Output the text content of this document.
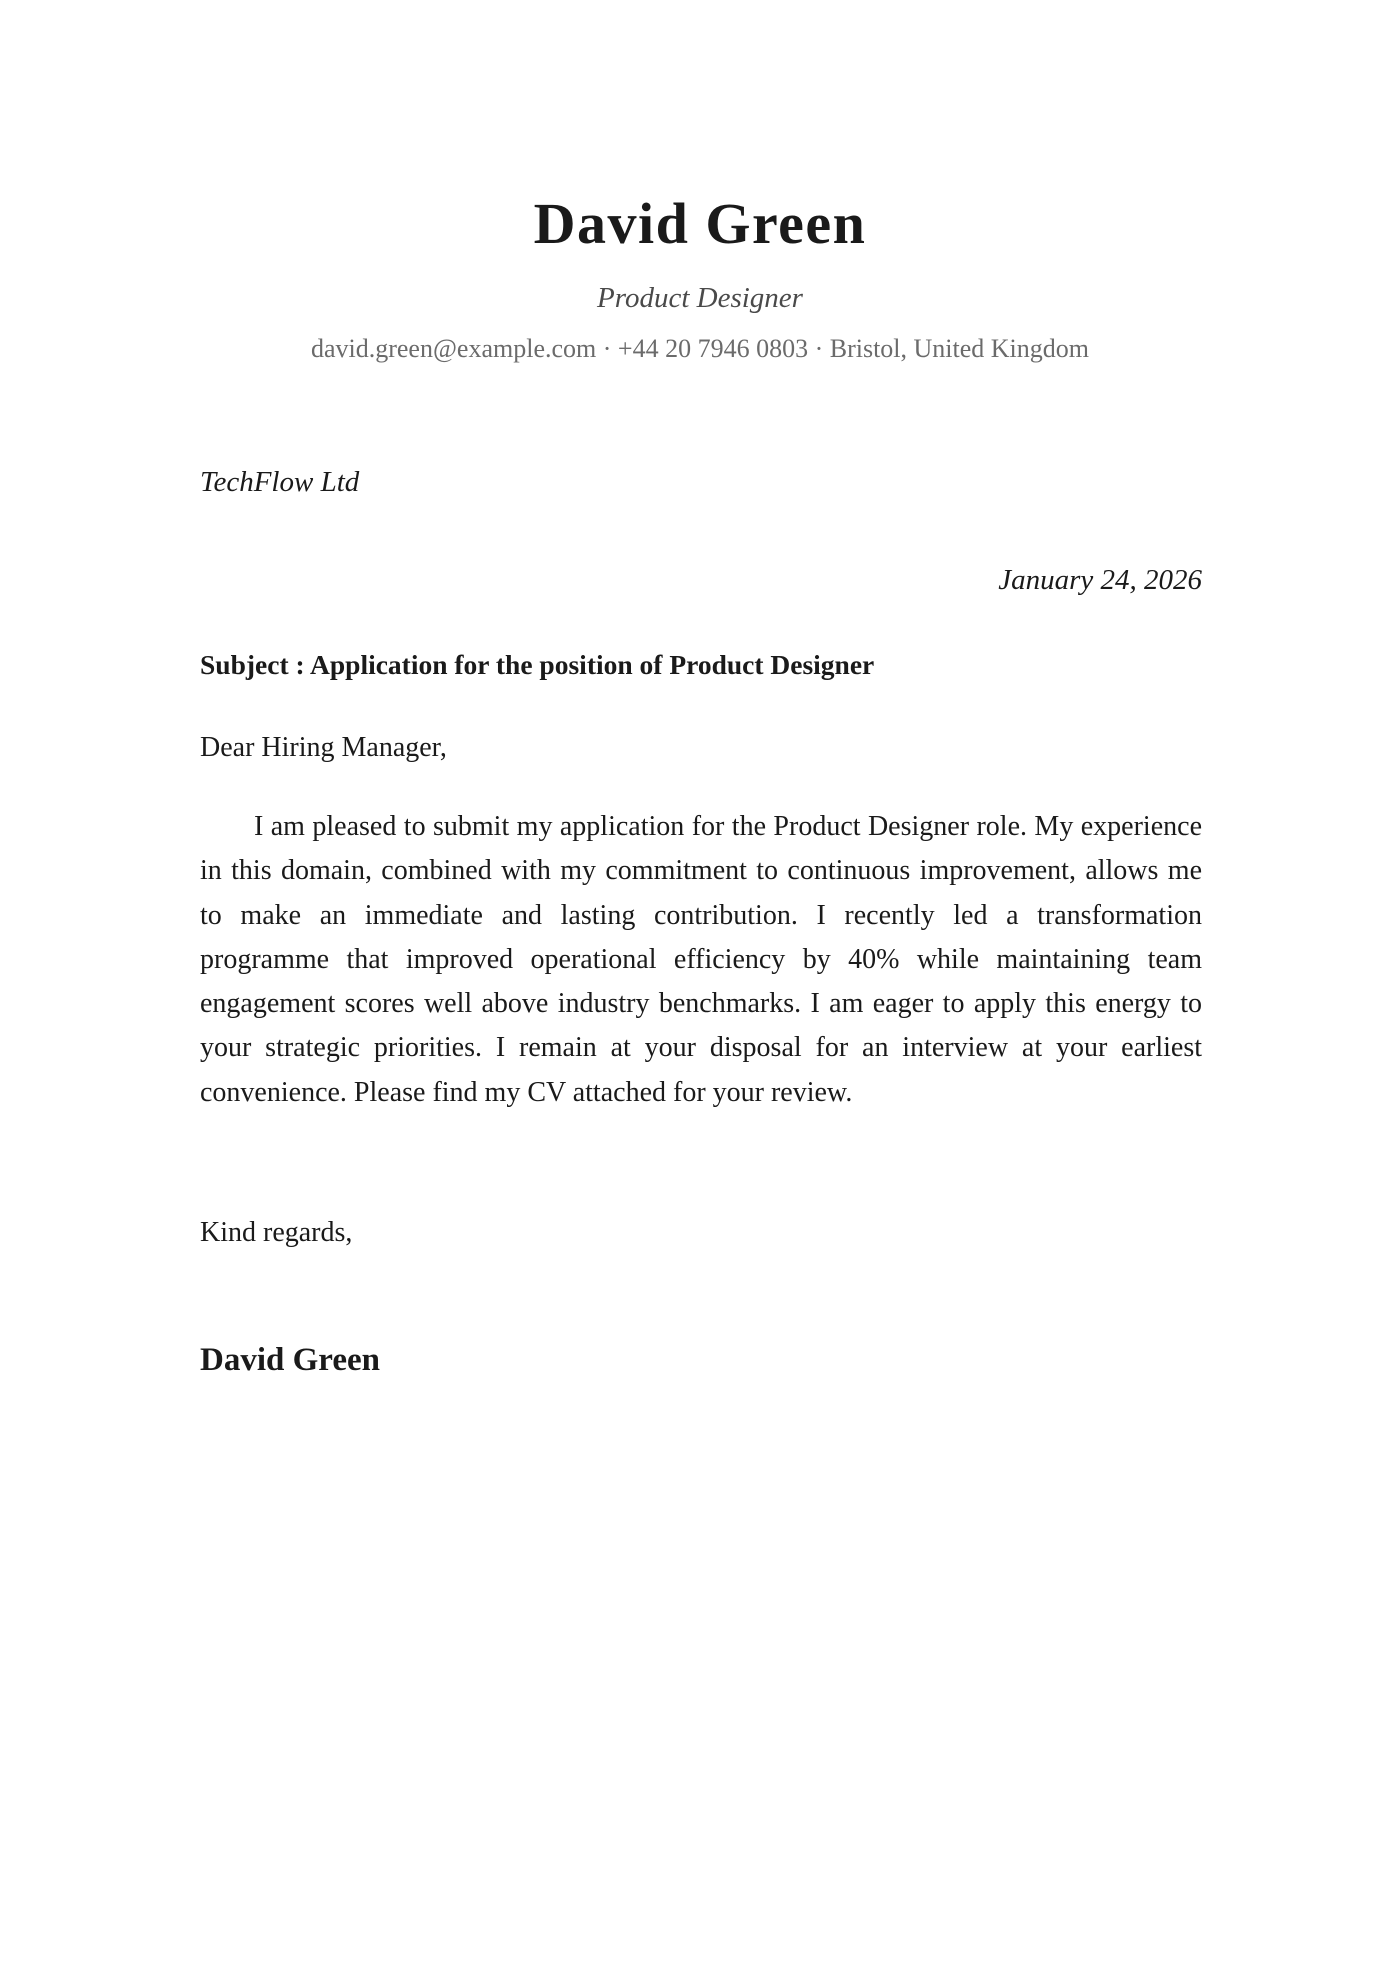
David Green
Product Designer
david.green@example.com · +44 20 7946 0803 · Bristol, United Kingdom
TechFlow Ltd
January 24, 2026
Subject : Application for the position of Product Designer
Dear Hiring Manager,

I am pleased to submit my application for the Product Designer role. My experience in this domain, combined with my commitment to continuous improvement, allows me to make an immediate and lasting contribution. I recently led a transformation programme that improved operational efficiency by 40% while maintaining team engagement scores well above industry benchmarks. I am eager to apply this energy to your strategic priorities. I remain at your disposal for an interview at your earliest convenience. Please find my CV attached for your review.

Kind regards,
David Green
